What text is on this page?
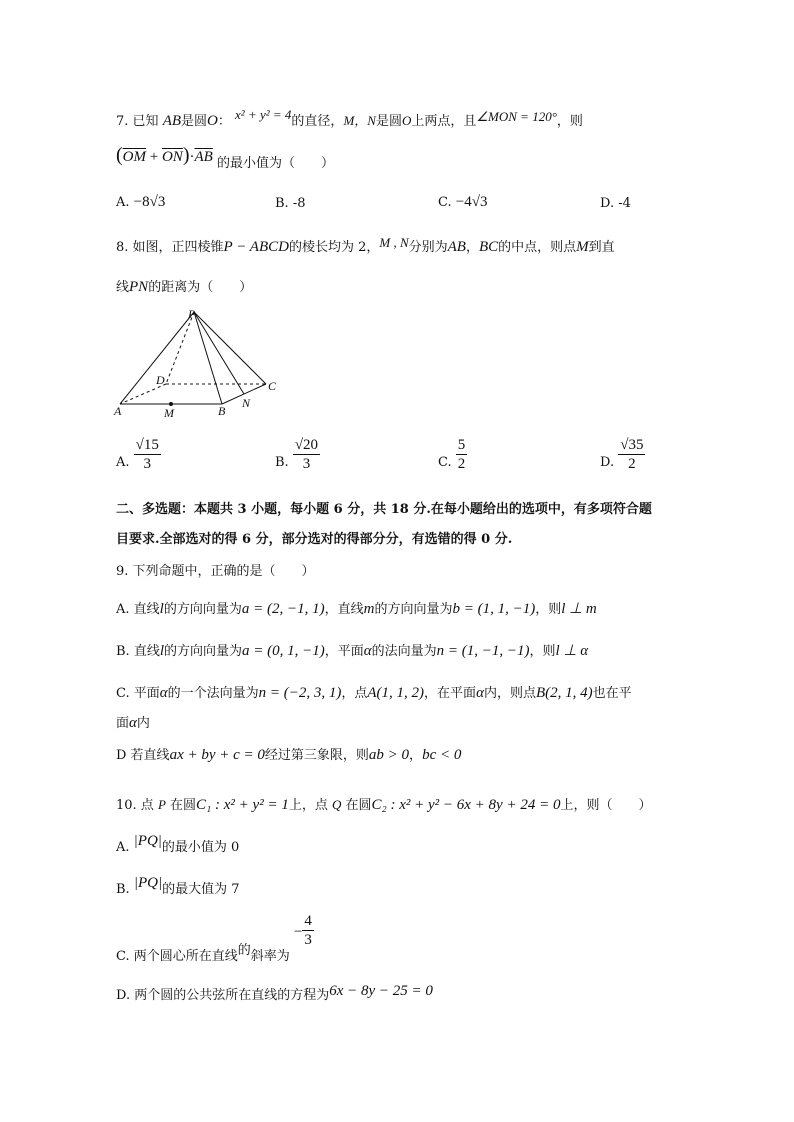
7. 已知 AB是圆O： x² + y² = 4的直径，M，N是圆O上两点，且∠MON = 120°，则
$(\overline{OM} + \overline{ON})\cdot\overline{AB}$ 的最小值为（　　）
A. −8√3	B. -8	C. −4√3	D. -4
8. 如图，正四棱锥P − ABCD的棱长均为 2，M , N分别为AB，BC的中点，则点M到直
线PN的距离为（　　）
P
A	M	B
N
C
D
A. $\frac{√15}{3}$	B. $\frac{√20}{3}$	C. $\frac{5}{2}$	D. $\frac{√35}{2}$
二、多选题：本题共 3 小题，每小题 6 分，共 18 分.在每小题给出的选项中，有多项符合题
目要求.全部选对的得 6 分，部分选对的得部分分，有选错的得 0 分.
9. 下列命题中，正确的是（　　）
A. 直线l的方向向量为a = (2, −1, 1)，直线m的方向向量为b = (1, 1, −1)，则l ⊥ m
B. 直线l的方向向量为a = (0, 1, −1)，平面α的法向量为n = (1, −1, −1)，则l ⊥ α
C. 平面α的一个法向量为n = (−2, 3, 1)，点A(1, 1, 2)，在平面α内，则点B(2, 1, 4)也在平
面α内
D 若直线ax + by + c = 0经过第三象限，则ab > 0，bc < 0
10. 点 P 在圆C₁ : x² + y² = 1上，点 Q 在圆C₂ : x² + y² − 6x + 8y + 24 = 0上，则（　　）
A. |PQ|的最小值为 0
B. |PQ|的最大值为 7
C. 两个圆心所在直线的斜率为 − $\frac{4}{3}$
D. 两个圆的公共弦所在直线的方程为6x − 8y − 25 = 0
